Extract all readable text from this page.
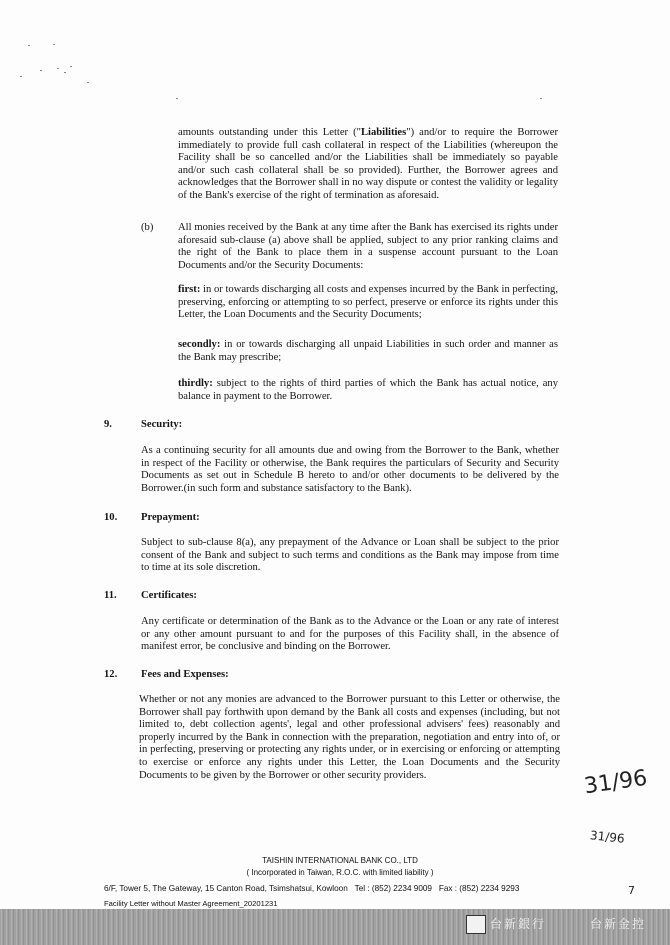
amounts outstanding under this Letter ("Liabilities") and/or to require the Borrower immediately to provide full cash collateral in respect of the Liabilities (whereupon the Facility shall be so cancelled and/or the Liabilities shall be immediately so payable and/or such cash collateral shall be so provided). Further, the Borrower agrees and acknowledges that the Borrower shall in no way dispute or contest the validity or legality of the Bank's exercise of the right of termination as aforesaid.

(b) All monies received by the Bank at any time after the Bank has exercised its rights under aforesaid sub-clause (a) above shall be applied, subject to any prior ranking claims and the right of the Bank to place them in a suspense account pursuant to the Loan Documents and/or the Security Documents:

first: in or towards discharging all costs and expenses incurred by the Bank in perfecting, preserving, enforcing or attempting to so perfect, preserve or enforce its rights under this Letter, the Loan Documents and the Security Documents;

secondly: in or towards discharging all unpaid Liabilities in such order and manner as the Bank may prescribe;

thirdly: subject to the rights of third parties of which the Bank has actual notice, any balance in payment to the Borrower.

9.	Security:

As a continuing security for all amounts due and owing from the Borrower to the Bank, whether in respect of the Facility or otherwise, the Bank requires the particulars of Security and Security Documents as set out in Schedule B hereto to and/or other documents to be delivered by the Borrower.(in such form and substance satisfactory to the Bank).

10. Prepayment:

Subject to sub-clause 8(a), any prepayment of the Advance or Loan shall be subject to the prior consent of the Bank and subject to such terms and conditions as the Bank may impose from time to time at its sole discretion.

11. Certificates:

Any certificate or determination of the Bank as to the Advance or the Loan or any rate of interest or any other amount pursuant to and for the purposes of this Facility shall, in the absence of manifest error, be conclusive and binding on the Borrower.

12. Fees and Expenses:

Whether or not any monies are advanced to the Borrower pursuant to this Letter or otherwise, the Borrower shall pay forthwith upon demand by the Bank all costs and expenses (including, but not limited to, debt collection agents', legal and other professional advisers' fees) reasonably and properly incurred by the Bank in connection with the preparation, negotiation and entry into of, or in perfecting, preserving or protecting any rights under, or in exercising or enforcing or attempting to exercise or enforce any rights under this Letter, the Loan Documents and the Security Documents to be given by the Borrower or other security providers.	31/96
31/96
7
TAISHIN INTERNATIONAL BANK CO., LTD
( Incorporated in Taiwan, R.O.C. with limited liability )
6/F, Tower 5, The Gateway, 15 Canton Road, Tsimshatsui, Kowloon Tel : (852) 2234 9009 Fax : (852) 2234 9293
Facility Letter without Master Agreement_20201231
台新銀行	台新金控
